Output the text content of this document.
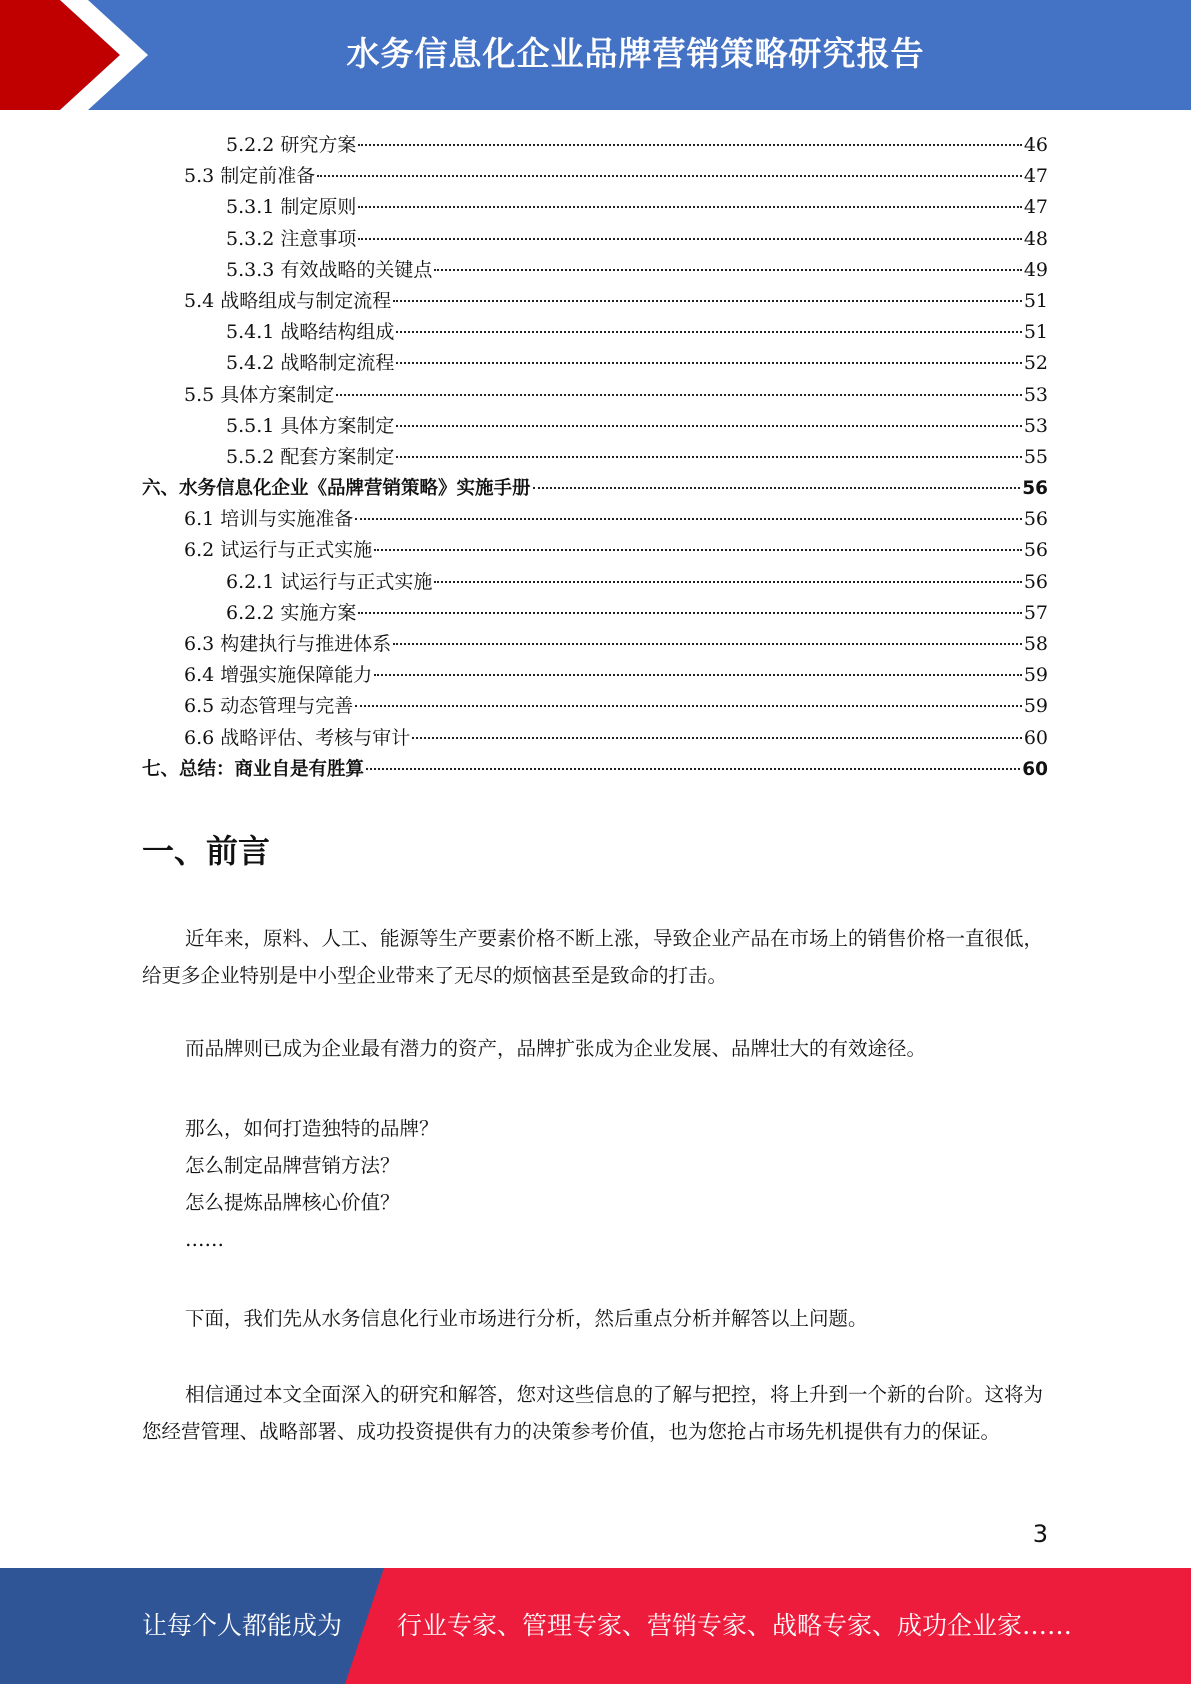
水务信息化企业品牌营销策略研究报告
5.2.2 研究方案	46
5.3 制定前准备	47
5.3.1 制定原则	47
5.3.2 注意事项	48
5.3.3 有效战略的关键点	49
5.4 战略组成与制定流程	51
5.4.1 战略结构组成	51
5.4.2 战略制定流程	52
5.5 具体方案制定	53
5.5.1 具体方案制定	53
5.5.2 配套方案制定	55
六、水务信息化企业《品牌营销策略》实施手册	56
6.1 培训与实施准备	56
6.2 试运行与正式实施	56
6.2.1 试运行与正式实施	56
6.2.2 实施方案	57
6.3 构建执行与推进体系	58
6.4 增强实施保障能力	59
6.5 动态管理与完善	59
6.6 战略评估、考核与审计	60
七、总结：商业自是有胜算	60
一、前言

近年来，原料、人工、能源等生产要素价格不断上涨，导致企业产品在市场上的销售价格一直很低，给更多企业特别是中小型企业带来了无尽的烦恼甚至是致命的打击。

而品牌则已成为企业最有潜力的资产，品牌扩张成为企业发展、品牌壮大的有效途径。

那么，如何打造独特的品牌？
怎么制定品牌营销方法？
怎么提炼品牌核心价值？
……

下面，我们先从水务信息化行业市场进行分析，然后重点分析并解答以上问题。

相信通过本文全面深入的研究和解答，您对这些信息的了解与把控，将上升到一个新的台阶。这将为您经营管理、战略部署、成功投资提供有力的决策参考价值，也为您抢占市场先机提供有力的保证。

3
让每个人都能成为 行业专家、管理专家、营销专家、战略专家、成功企业家……
